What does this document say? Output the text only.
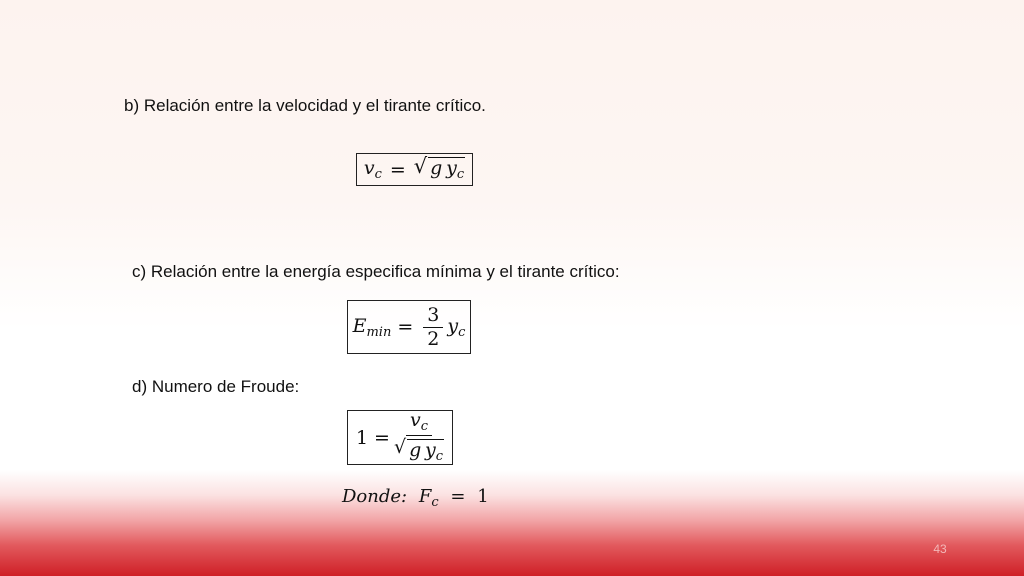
b) Relación entre la velocidad y el tirante crítico.
$v_c$ = √ g  $y_c$
c) Relación entre la energía especifica mínima y el tirante crítico:
$E_{min} = \frac{3}{2} y_c$
d) Numero de Froude:
$1 = \frac{v_c}{√ g y_c}$
Donde: $F_c = 1$
43
